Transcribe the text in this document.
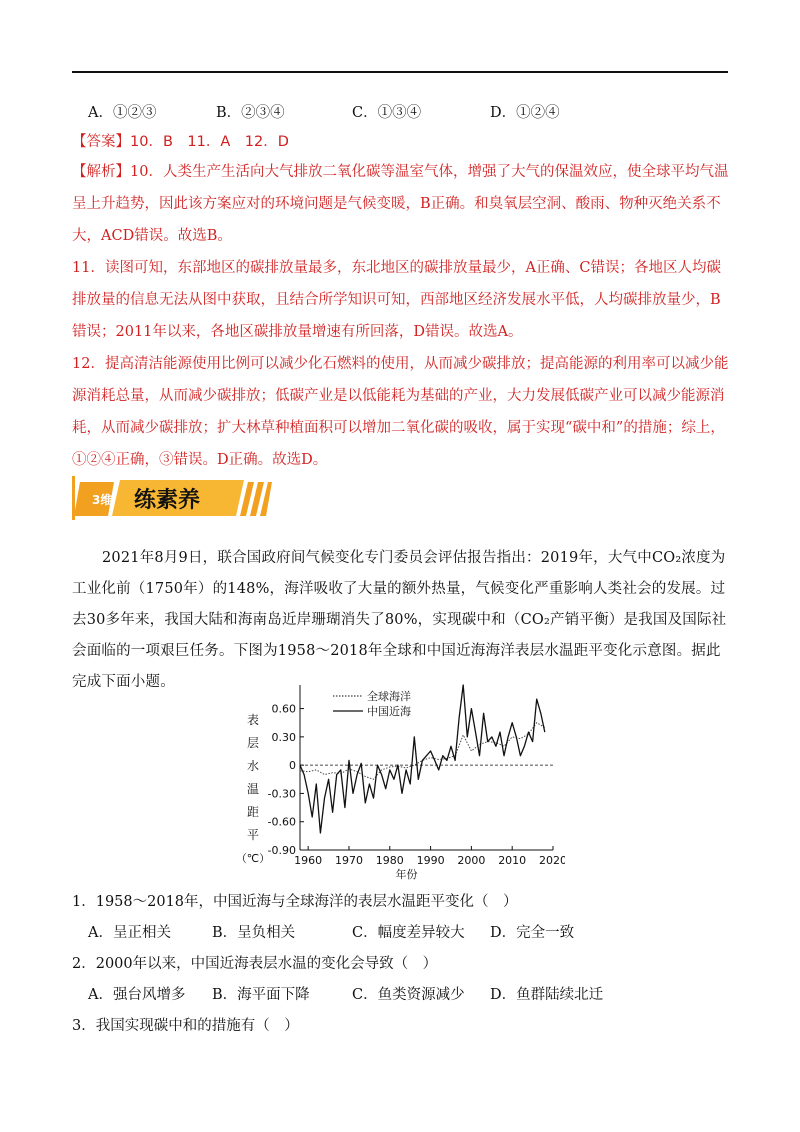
A．①②③	B．②③④	C．①③④	D．①②④
【答案】10．B　11．A　12．D

【解析】10．人类生产生活向大气排放二氧化碳等温室气体，增强了大气的保温效应，使全球平均气温呈上升趋势，因此该方案应对的环境问题是气候变暖，B正确。和臭氧层空洞、酸雨、物种灭绝关系不大，ACD错误。故选B。

11．读图可知，东部地区的碳排放量最多，东北地区的碳排放量最少，A正确、C错误；各地区人均碳排放量的信息无法从图中获取，且结合所学知识可知，西部地区经济发展水平低，人均碳排放量少，B错误；2011年以来，各地区碳排放量增速有所回落，D错误。故选A。

12．提高清洁能源使用比例可以减少化石燃料的使用，从而减少碳排放；提高能源的利用率可以减少能源消耗总量，从而减少碳排放；低碳产业是以低能耗为基础的产业，大力发展低碳产业可以减少能源消耗，从而减少碳排放；扩大林草种植面积可以增加二氧化碳的吸收，属于实现“碳中和”的措施；综上，①②④正确，③错误。D正确。故选D。

3维 练素养

2021年8月9日，联合国政府间气候变化专门委员会评估报告指出：2019年，大气中CO₂浓度为工业化前（1750年）的148%，海洋吸收了大量的额外热量，气候变化严重影响人类社会的发展。过去30多年来，我国大陆和海南岛近岸珊瑚消失了80%，实现碳中和（CO₂产销平衡）是我国及国际社会面临的一项艰巨任务。下图为1958～2018年全球和中国近海海洋表层水温距平变化示意图。据此完成下面小题。

表
层
水
温
距
平
（℃）
0.60
0.30
0
-0.30
-0.60
-0.90
1960 1970 1980 1990 2000 2010 2020
年份
全球海洋
中国近海
1．1958～2018年，中国近海与全球海洋的表层水温距平变化（　）
A．呈正相关	B．呈负相关	C．幅度差异较大 D．完全一致
2．2000年以来，中国近海表层水温的变化会导致（　）
A．强台风增多 B．海平面下降	C．鱼类资源减少 D．鱼群陆续北迁
3．我国实现碳中和的措施有（　）
